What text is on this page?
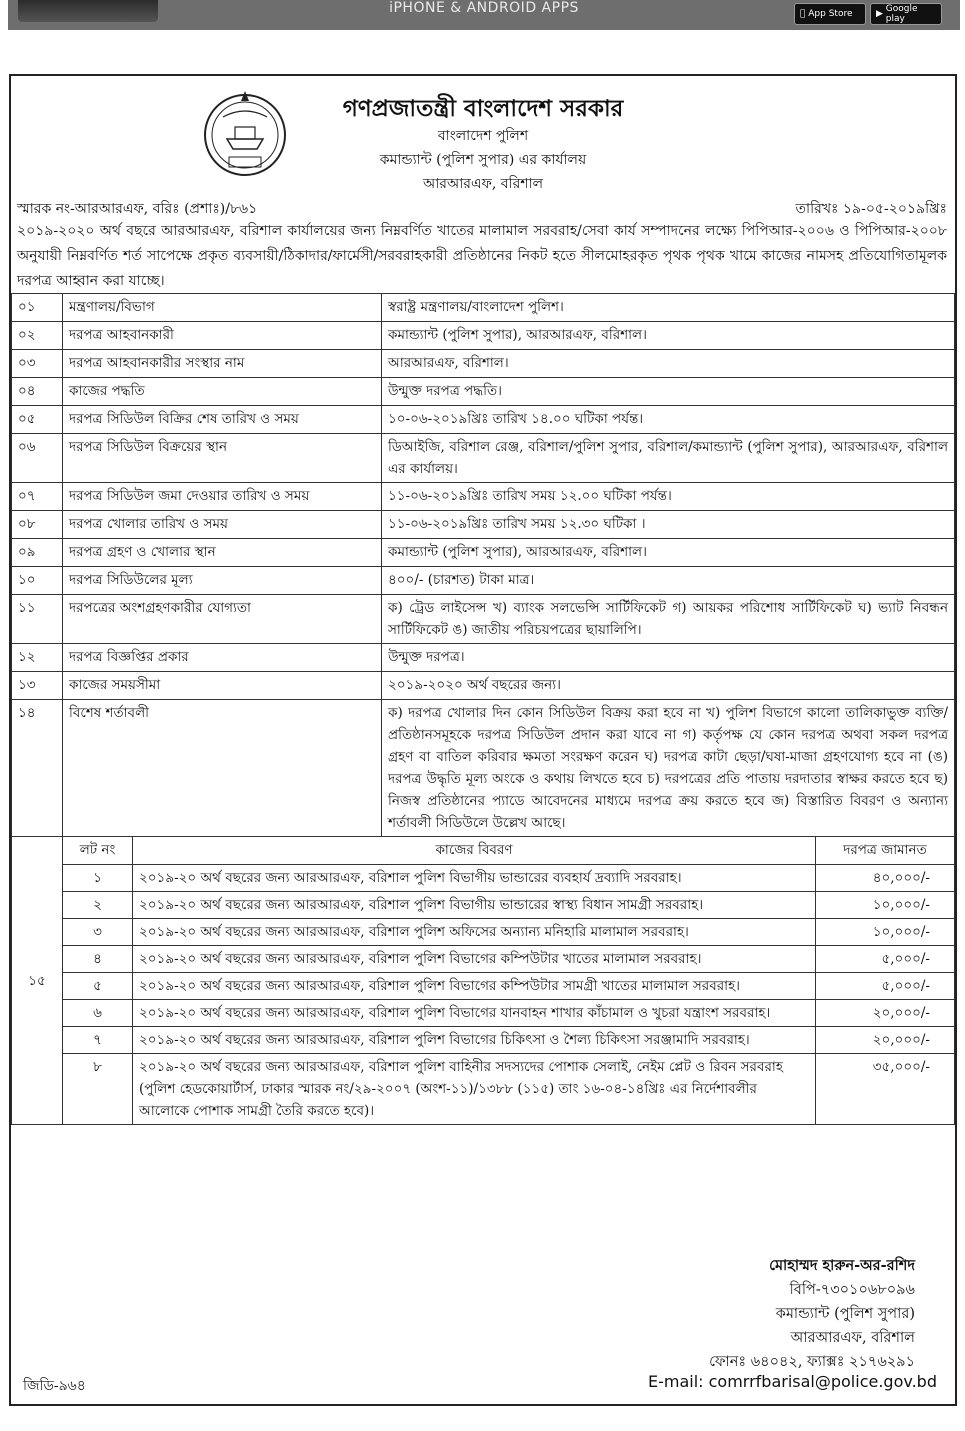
iPHONE & ANDROID APPS	App Store	▶ Google play
গণপ্রজাতন্ত্রী বাংলাদেশ সরকার
বাংলাদেশ পুলিশ
কমান্ড্যান্ট (পুলিশ সুপার) এর কার্যালয়
আরআরএফ, বরিশাল
স্মারক নং-আরআরএফ, বরিঃ (প্রশাঃ)/৮৬১	তারিখঃ ১৯-০৫-২০১৯খ্রিঃ
২০১৯-২০২০ অর্থ বছরে আরআরএফ, বরিশাল কার্যালয়ের জন্য নিম্নবর্ণিত খাতের মালামাল সরবরাহ/সেবা কার্য সম্পাদনের লক্ষ্যে পিপিআর-২০০৬ ও পিপিআর-২০০৮ অনুযায়ী নিম্নবর্ণিত শর্ত সাপেক্ষে প্রকৃত ব্যবসায়ী/ঠিকাদার/ফার্মেসী/সরবরাহকারী প্রতিষ্ঠানের নিকট হতে সীলমোহরকৃত পৃথক পৃথক খামে কাজের নামসহ প্রতিযোগিতামূলক দরপত্র আহ্বান করা যাচ্ছে।
০১	মন্ত্রণালয়/বিভাগ	স্বরাষ্ট্র মন্ত্রণালয়/বাংলাদেশ পুলিশ।
০২	দরপত্র আহবানকারী	কমান্ড্যান্ট (পুলিশ সুপার), আরআরএফ, বরিশাল।
০৩	দরপত্র আহবানকারীর সংস্থার নাম	আরআরএফ, বরিশাল।
০৪	কাজের পদ্ধতি	উন্মুক্ত দরপত্র পদ্ধতি।
০৫	দরপত্র সিডিউল বিক্রির শেষ তারিখ ও সময়	১০-০৬-২০১৯খ্রিঃ তারিখ ১৪.০০ ঘটিকা পর্যন্ত।
০৬	দরপত্র সিডিউল বিক্রয়ের স্থান	ডিআইজি, বরিশাল রেঞ্জ, বরিশাল/পুলিশ সুপার, বরিশাল/কমান্ড্যান্ট (পুলিশ সুপার), আরআরএফ, বরিশাল এর কার্যালয়।
০৭	দরপত্র সিডিউল জমা দেওয়ার তারিখ ও সময়	১১-০৬-২০১৯খ্রিঃ তারিখ সময় ১২.০০ ঘটিকা পর্যন্ত।
০৮	দরপত্র খোলার তারিখ ও সময়	১১-০৬-২০১৯খ্রিঃ তারিখ সময় ১২.৩০ ঘটিকা ।
০৯	দরপত্র গ্রহণ ও খোলার স্থান	কমান্ড্যান্ট (পুলিশ সুপার), আরআরএফ, বরিশাল।
১০	দরপত্র সিডিউলের মূল্য	৪০০/- (চারশত) টাকা মাত্র।
১১	দরপত্রের অংশগ্রহণকারীর যোগ্যতা	ক) ট্রেড লাইসেন্স খ) ব্যাংক সলভেন্সি সার্টিফিকেট গ) আয়কর পরিশোধ সার্টিফিকেট ঘ) ভ্যাট নিবন্ধন সার্টিফিকেট ঙ) জাতীয় পরিচয়পত্রের ছায়ালিপি।
১২	দরপত্র বিজ্ঞপ্তির প্রকার	উন্মুক্ত দরপত্র।
১৩	কাজের সময়সীমা	২০১৯-২০২০ অর্থ বছরের জন্য।
১৪	বিশেষ শর্তাবলী	ক) দরপত্র খোলার দিন কোন সিডিউল বিক্রয় করা হবে না খ) পুলিশ বিভাগে কালো তালিকাভুক্ত ব্যক্তি/প্রতিষ্ঠানসমূহকে দরপত্র সিডিউল প্রদান করা যাবে না গ) কর্তৃপক্ষ যে কোন দরপত্র অথবা সকল দরপত্র গ্রহণ বা বাতিল করিবার ক্ষমতা সংরক্ষণ করেন ঘ) দরপত্র কাটা ছেড়া/ঘষা-মাজা গ্রহণযোগ্য হবে না (ঙ) দরপত্র উদ্ধৃতি মূল্য অংকে ও কথায় লিখতে হবে চ) দরপত্রের প্রতি পাতায় দরদাতার স্বাক্ষর করতে হবে ছ) নিজস্ব প্রতিষ্ঠানের প্যাডে আবেদনের মাধ্যমে দরপত্র ক্রয় করতে হবে জ) বিস্তারিত বিবরণ ও অন্যান্য শর্তাবলী সিডিউলে উল্লেখ আছে।
১৫	লট নং	কাজের বিবরণ	দরপত্র জামানত
	১	২০১৯-২০ অর্থ বছরের জন্য আরআরএফ, বরিশাল পুলিশ বিভাগীয় ভান্ডারের ব্যবহার্য দ্রব্যাদি সরবরাহ।	৪০,০০০/-
	২	২০১৯-২০ অর্থ বছরের জন্য আরআরএফ, বরিশাল পুলিশ বিভাগীয় ভান্ডারের স্বাস্থ্য বিধান সামগ্রী সরবরাহ।	১০,০০০/-
	৩	২০১৯-২০ অর্থ বছরের জন্য আরআরএফ, বরিশাল পুলিশ অফিসের অন্যান্য মনিহারি মালামাল সরবরাহ।	১০,০০০/-
	৪	২০১৯-২০ অর্থ বছরের জন্য আরআরএফ, বরিশাল পুলিশ বিভাগের কম্পিউটার খাতের মালামাল সরবরাহ।	৫,০০০/-
	৫	২০১৯-২০ অর্থ বছরের জন্য আরআরএফ, বরিশাল পুলিশ বিভাগের কম্পিউটার সামগ্রী খাতের মালামাল সরবরাহ।	৫,০০০/-
	৬	২০১৯-২০ অর্থ বছরের জন্য আরআরএফ, বরিশাল পুলিশ বিভাগের যানবাহন শাখার কাঁচামাল ও খুচরা যন্ত্রাংশ সরবরাহ।	২০,০০০/-
	৭	২০১৯-২০ অর্থ বছরের জন্য আরআরএফ, বরিশাল পুলিশ বিভাগের চিকিৎসা ও শৈল্য চিকিৎসা সরঞ্জামাদি সরবরাহ।	২০,০০০/-
	৮	২০১৯-২০ অর্থ বছরের জন্য আরআরএফ, বরিশাল পুলিশ বাহিনীর সদস্যদের পোশাক সেলাই, নেইম প্লেট ও রিবন সরবরাহ (পুলিশ হেডকোয়ার্টার্স, ঢাকার স্মারক নং/২৯-২০০৭ (অংশ-১১)/১৩৮৮ (১১৫) তাং ১৬-০৪-১৪খ্রিঃ এর নির্দেশাবলীর আলোকে পোশাক সামগ্রী তৈরি করতে হবে)।	৩৫,০০০/-
মোহাম্মদ হারুন-অর-রশিদ
বিপি-৭৩০১০৬৮০৯৬
কমান্ড্যান্ট (পুলিশ সুপার)
আরআরএফ, বরিশাল
ফোনঃ ৬৪০৪২, ফ্যাক্সঃ ২১৭৬২৯১
জিডি-৯৬৪	E-mail: comrrfbarisal@police.gov.bd
